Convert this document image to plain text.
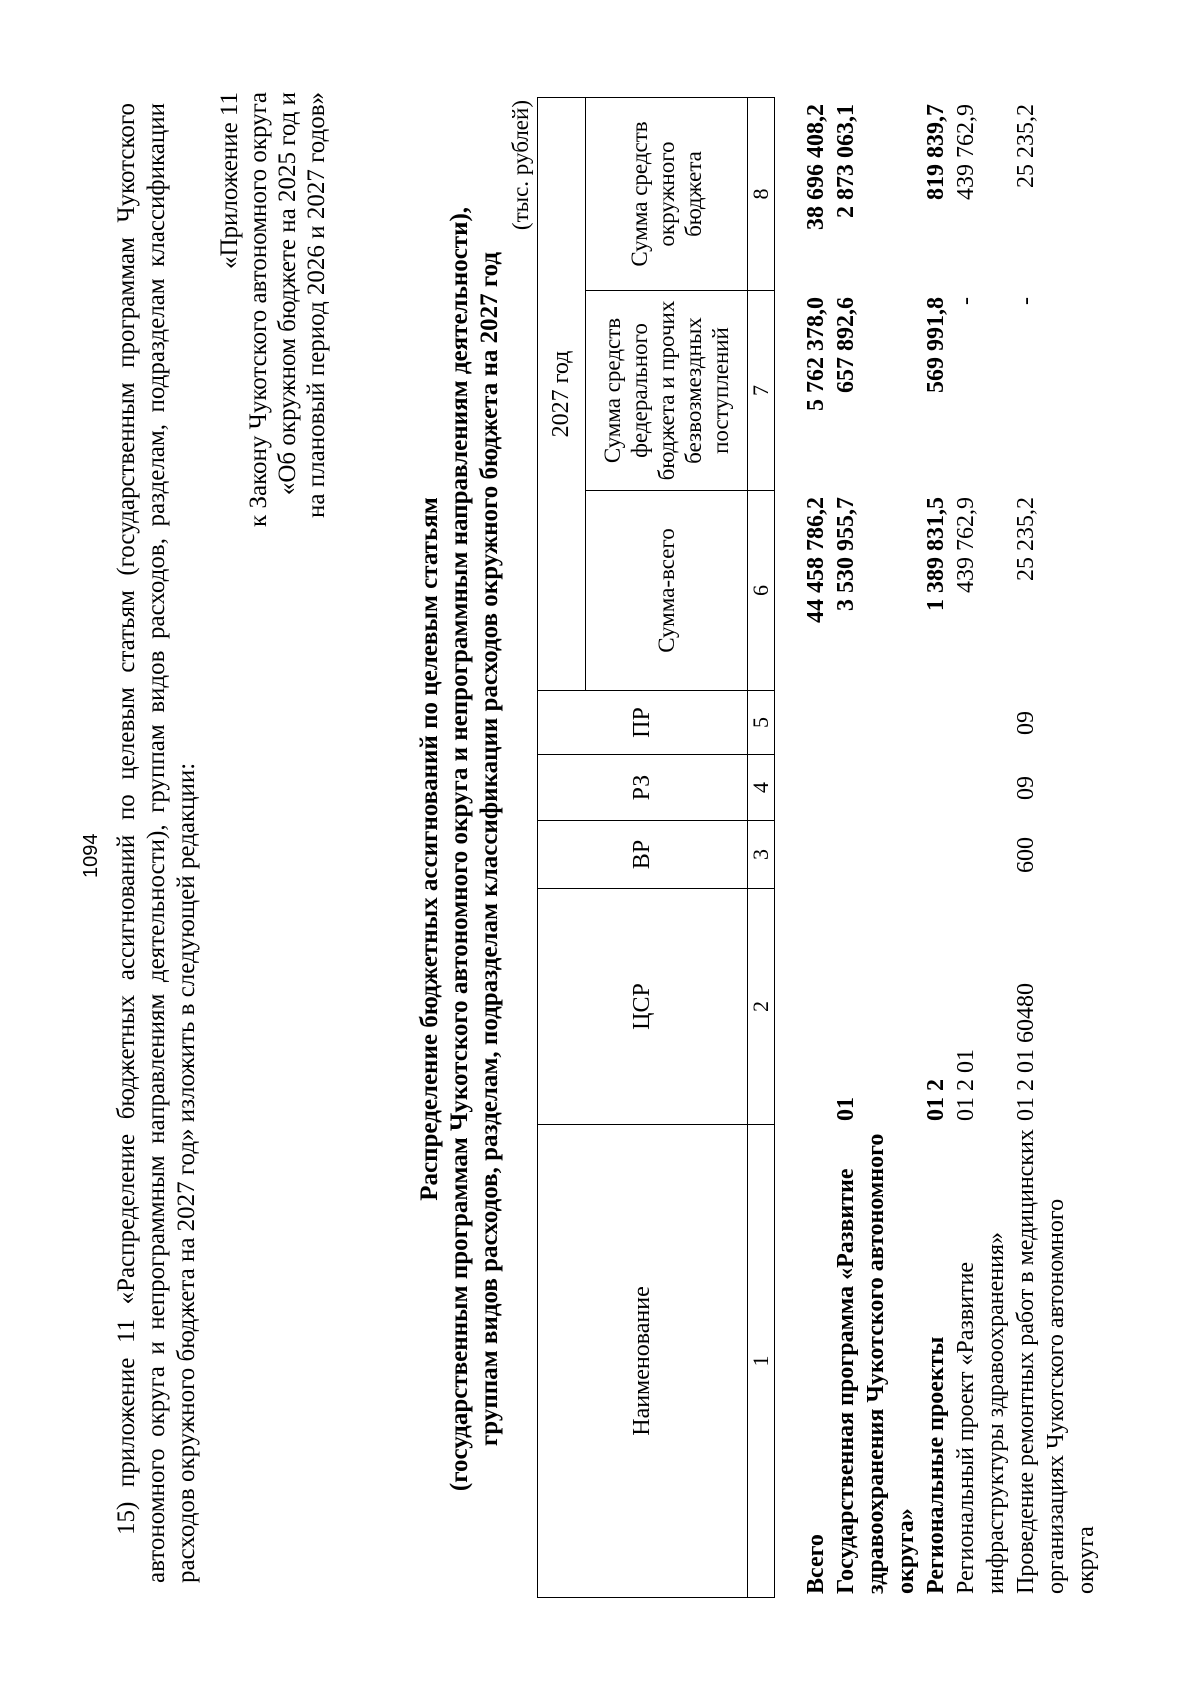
1094 15) приложение 11 «Распределение бюджетных ассигнований по целевым статьям (государственным программам Чукотского автономного округа и непрограммным направлениям деятельности), группам видов расходов, разделам, подразделам классификации расходов окружного бюджета на 2027 год» изложить в следующей редакции:

«Приложение 11 к Закону Чукотского автономного округа «Об окружном бюджете на 2025 год и на плановый период 2026 и 2027 годов»
Распределение бюджетных ассигнований по целевым статьям (государственным программам Чукотского автономного округа и непрограммным направлениям деятельности), группам видов расходов, разделам, подразделам классификации расходов окружного бюджета на 2027 год
(тыс. рублей)
Наименование	ЦСР	ВР	РЗ	ПР	2027 год		
					Сумма-всего	Сумма средств федерального бюджета и прочих безвозмездных поступлений	Сумма средств окружного бюджета
1	2	3	4	5	6	7	8
Всего					44 458 786,2	5 762 378,0	38 696 408,2
Государственная программа «Развитие здравоохранения Чукотского автономного округа»	01				3 530 955,7	657 892,6	2 873 063,1
Региональные проекты	01 2				1 389 831,5	569 991,8	819 839,7
Региональный проект «Развитие инфраструктуры здравоохранения»	01 2 01				439 762,9	-	439 762,9
Проведение ремонтных работ в медицинских организациях Чукотского автономного округа	01 2 01 60480	600	09	09	25 235,2	-	25 235,2
